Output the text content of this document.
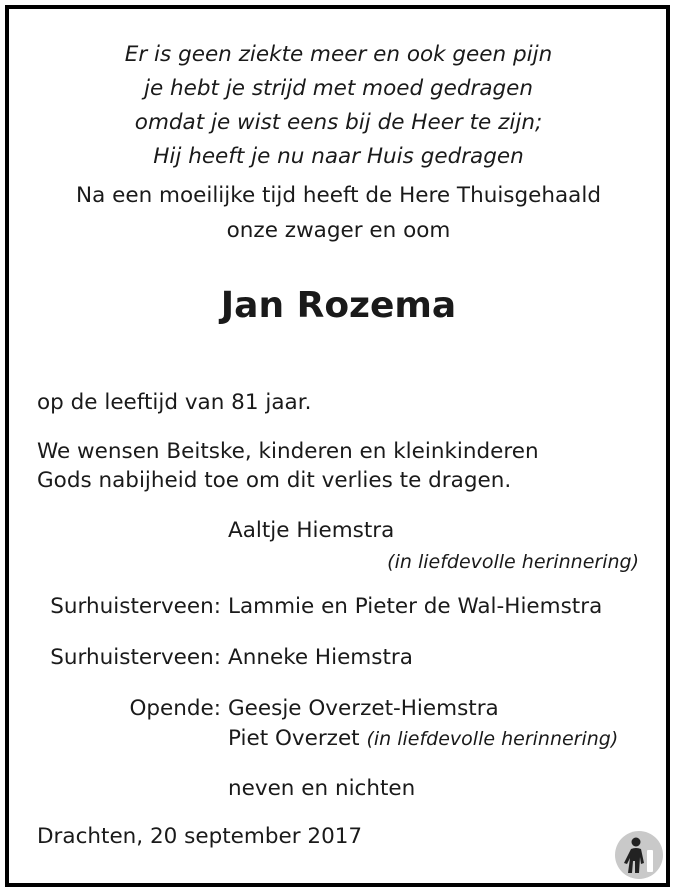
Er is geen ziekte meer en ook geen pijn
je hebt je strijd met moed gedragen
omdat je wist eens bij de Heer te zijn;
Hij heeft je nu naar Huis gedragen
Na een moeilijke tijd heeft de Here Thuisgehaald
onze zwager en oom
Jan Rozema
op de leeftijd van 81 jaar.
We wensen Beitske, kinderen en kleinkinderen
Gods nabijheid toe om dit verlies te dragen.
Aaltje Hiemstra
(in liefdevolle herinnering)
Surhuisterveen: Lammie en Pieter de Wal-Hiemstra
Surhuisterveen: Anneke Hiemstra
Opende: Geesje Overzet-Hiemstra
Piet Overzet (in liefdevolle herinnering)
neven en nichten
Drachten, 20 september 2017
